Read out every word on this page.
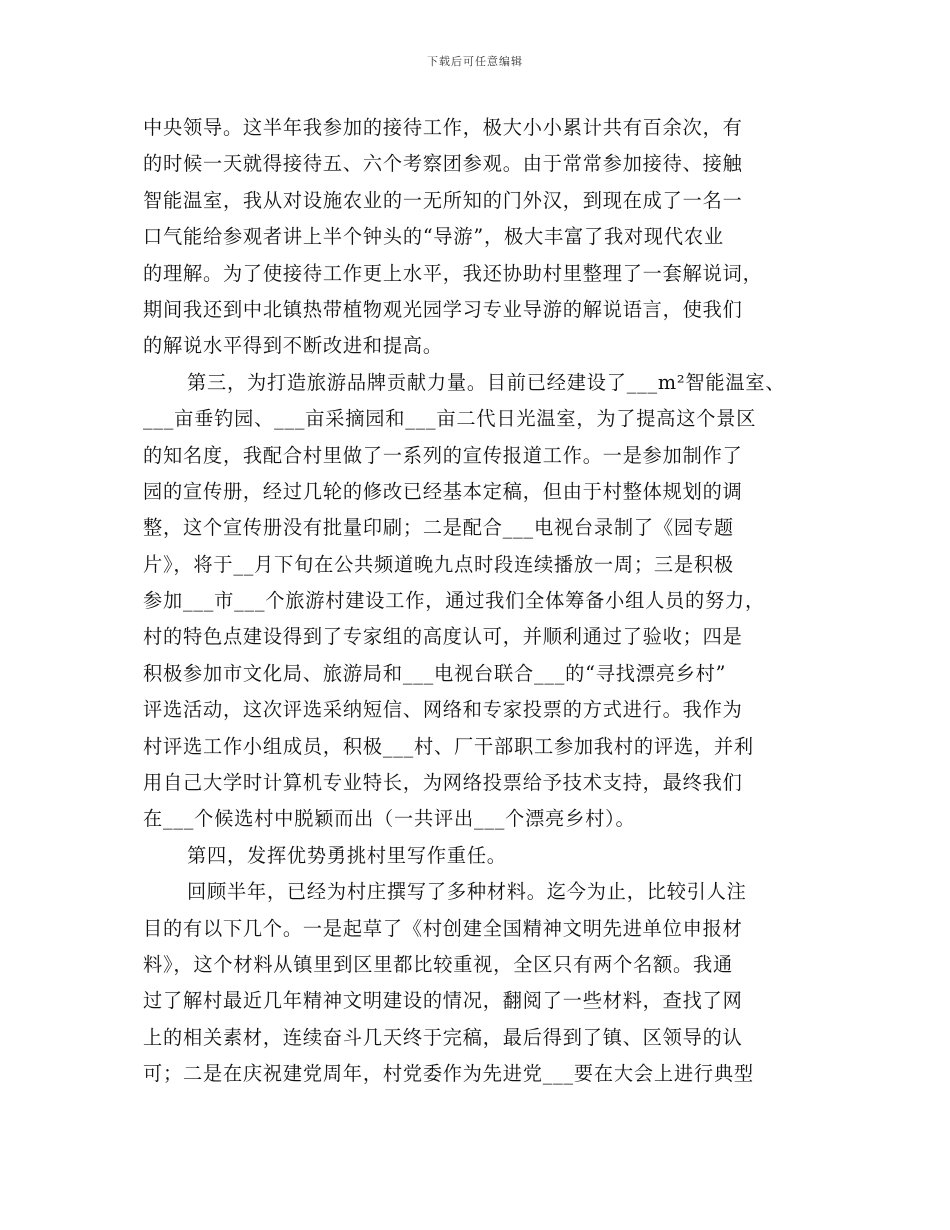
下载后可任意编辑
中央领导。这半年我参加的接待工作，极大小小累计共有百余次，有
的时候一天就得接待五、六个考察团参观。由于常常参加接待、接触
智能温室，我从对设施农业的一无所知的门外汉，到现在成了一名一
口气能给参观者讲上半个钟头的“导游”，极大丰富了我对现代农业
的理解。为了使接待工作更上水平，我还协助村里整理了一套解说词，
期间我还到中北镇热带植物观光园学习专业导游的解说语言，使我们
的解说水平得到不断改进和提高。
第三，为打造旅游品牌贡献力量。目前已经建设了___m²智能温室、
___亩垂钓园、___亩采摘园和___亩二代日光温室，为了提高这个景区
的知名度，我配合村里做了一系列的宣传报道工作。一是参加制作了
园的宣传册，经过几轮的修改已经基本定稿，但由于村整体规划的调
整，这个宣传册没有批量印刷；二是配合___电视台录制了《园专题
片》，将于__月下旬在公共频道晚九点时段连续播放一周；三是积极
参加___市___个旅游村建设工作，通过我们全体筹备小组人员的努力，
村的特色点建设得到了专家组的高度认可，并顺利通过了验收；四是
积极参加市文化局、旅游局和___电视台联合___的“寻找漂亮乡村”
评选活动，这次评选采纳短信、网络和专家投票的方式进行。我作为
村评选工作小组成员，积极___村、厂干部职工参加我村的评选，并利
用自己大学时计算机专业特长，为网络投票给予技术支持，最终我们
在___个候选村中脱颖而出（一共评出___个漂亮乡村）。
第四，发挥优势勇挑村里写作重任。
回顾半年，已经为村庄撰写了多种材料。迄今为止，比较引人注
目的有以下几个。一是起草了《村创建全国精神文明先进单位申报材
料》，这个材料从镇里到区里都比较重视，全区只有两个名额。我通
过了解村最近几年精神文明建设的情况，翻阅了一些材料，查找了网
上的相关素材，连续奋斗几天终于完稿，最后得到了镇、区领导的认
可；二是在庆祝建党周年，村党委作为先进党___要在大会上进行典型
